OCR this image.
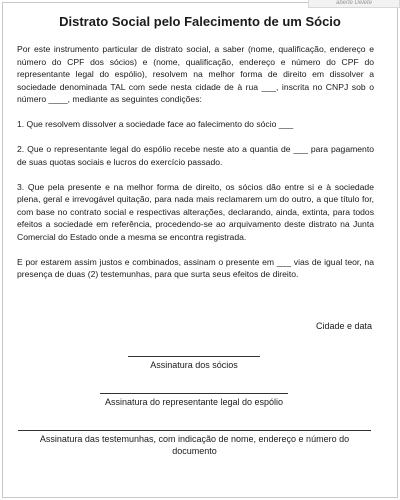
aberte Delete
Distrato Social pelo Falecimento de um Sócio

Por este instrumento particular de distrato social, a saber (nome, qualificação, endereço e número do CPF dos sócios) e (nome, qualificação, endereço e número do CPF do representante legal do espólio), resolvem na melhor forma de direito em dissolver a sociedade denominada TAL com sede nesta cidade de à rua ___, inscrita no CNPJ sob o número ____, mediante as seguintes condições:

1. Que resolvem dissolver a sociedade face ao falecimento do sócio ___

2. Que o representante legal do espólio recebe neste ato a quantia de ___ para pagamento de suas quotas sociais e lucros do exercício passado.

3. Que pela presente e na melhor forma de direito, os sócios dão entre si e à sociedade plena, geral e irrevogável quitação, para nada mais reclamarem um do outro, a que título for, com base no contrato social e respectivas alterações, declarando, ainda, extinta, para todos efeitos a sociedade em referência, procedendo-se ao arquivamento deste distrato na Junta Comercial do Estado onde a mesma se encontra registrada.

E por estarem assim justos e combinados, assinam o presente em ___ vias de igual teor, na presença de duas (2) testemunhas, para que surta seus efeitos de direito.

Cidade e data
Assinatura dos sócios
Assinatura do representante legal do espólio
Assinatura das testemunhas, com indicação de nome, endereço e número do documento
